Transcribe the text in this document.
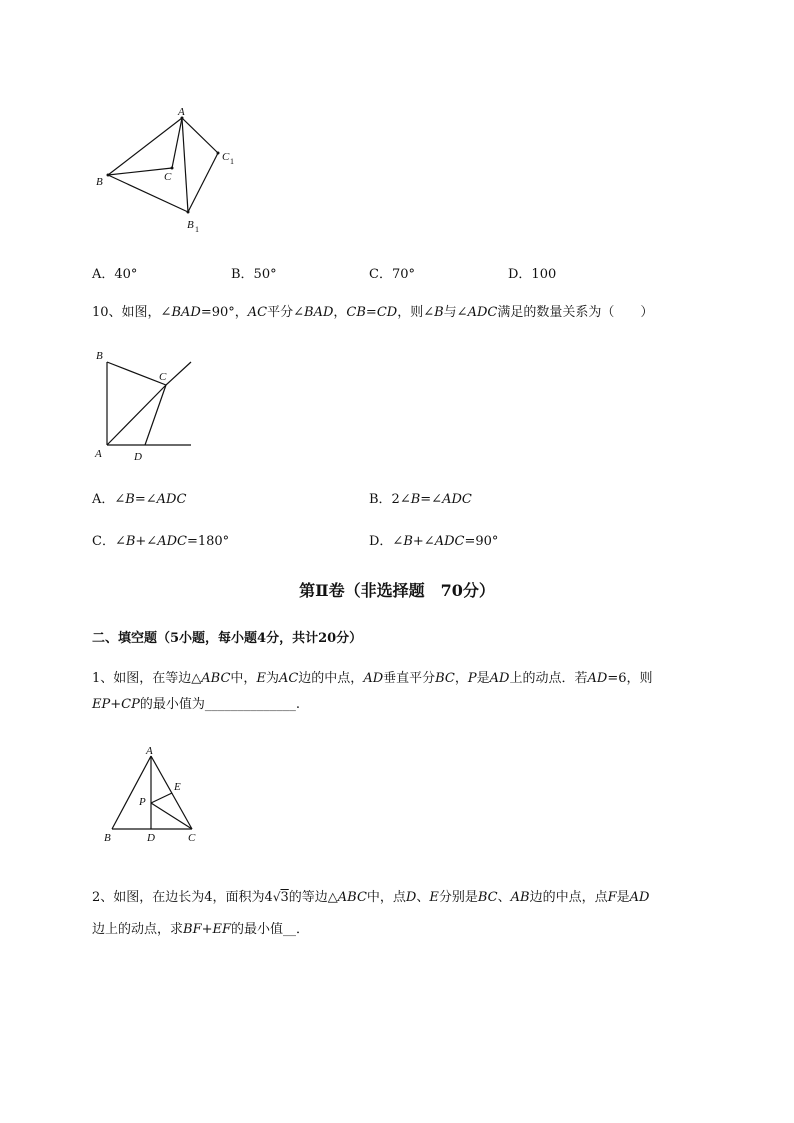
A
B	C
C 1
B 1
A．40°	B．50°	C．70°	D．100
10、如图，∠BAD=90°，AC平分∠BAD，CB=CD，则∠B与∠ADC满足的数量关系为（　　）
B
C
A	D
A．∠B=∠ADC	B．2∠B=∠ADC
C．∠B+∠ADC=180°	D．∠B+∠ADC=90°
第Ⅱ卷（非选择题　70分）
二、填空题（5小题，每小题4分，共计20分）
1、如图，在等边△ABC中，E为AC边的中点，AD垂直平分BC，P是AD上的动点．若AD=6，则
EP+CP的最小值为______________.
A
E
P
B	D	C
2、如图，在边长为4，面积为4√3的等边△ABC中，点D、E分别是BC、AB边的中点，点F是AD
边上的动点，求BF+EF的最小值__．
